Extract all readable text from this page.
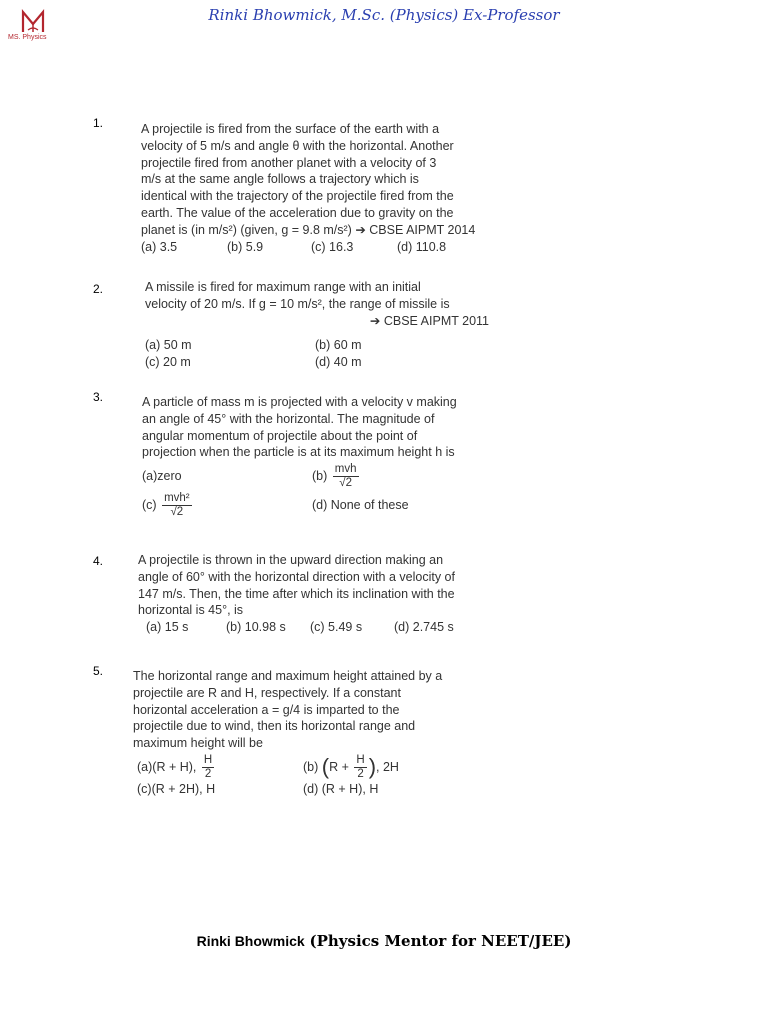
MS. Physics
Rinki Bhowmick, M.Sc. (Physics) Ex-Professor
1.	A projectile is fired from the surface of the earth with a
velocity of 5 m/s and angle θ with the horizontal. Another
projectile fired from another planet with a velocity of 3
m/s at the same angle follows a trajectory which is
identical with the trajectory of the projectile fired from the
earth. The value of the acceleration due to gravity on the
planet is (in m/s²) (given, g = 9.8 m/s²) ➔ CBSE AIPMT 2014
(a) 3.5	(b) 5.9	(c) 16.3	(d) 110.8
2.	A missile is fired for maximum range with an initial
velocity of 20 m/s. If g = 10 m/s², the range of missile is
➔ CBSE AIPMT 2011
(a) 50 m	(b) 60 m
(c) 20 m	(d) 40 m
3.	A particle of mass m is projected with a velocity v making
an angle of 45° with the horizontal. The magnitude of
angular momentum of projectile about the point of
projection when the particle is at its maximum height h is
(a)zero	$(b) \frac{\text{mvh}}{√2}$
$(c) \frac{\text{mvh²}}{√2}$	(d) None of these
4.	A projectile is thrown in the upward direction making an
angle of 60° with the horizontal direction with a velocity of
147 m/s. Then, the time after which its inclination with the
horizontal is 45°, is
(a) 15 s	(b) 10.98 s	(c) 5.49 s	(d) 2.745 s
5. The horizontal range and maximum height attained by a
projectile are R and H, respectively. If a constant
horizontal acceleration a = g/4 is imparted to the
projectile due to wind, then its horizontal range and
maximum height will be
(a)(R + H), $\frac{H}{2}$	(b) ($R + \frac{H}{2}$ ), 2H
(c)(R + 2H), H	(d) (R + H), H
Rinki Bhowmick (Physics Mentor for NEET/JEE)
